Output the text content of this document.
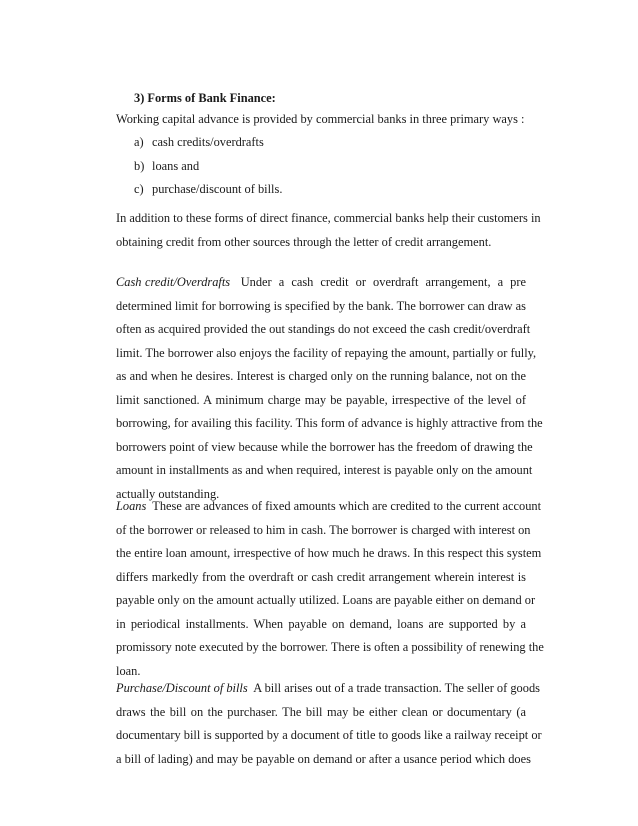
3) Forms of Bank Finance:
Working capital advance is provided by commercial banks in three primary ways :
a) cash credits/overdrafts
b) loans and
c) purchase/discount of bills.
In addition to these forms of direct finance, commercial banks help their customers in
obtaining credit from other sources through the letter of credit arrangement.
Cash credit/Overdrafts   Under  a  cash  credit  or  overdraft  arrangement,  a  pre
determined limit for borrowing is specified by the bank. The borrower can draw as
often as acquired provided the out standings do not exceed the cash credit/overdraft
limit. The borrower also enjoys the facility of repaying the amount, partially or fully,
as and when he desires. Interest is charged only on the running balance, not on the
limit sanctioned. A minimum charge may be payable, irrespective of the level of
borrowing, for availing this facility. This form of advance is highly attractive from the
borrowers point of view because while the borrower has the freedom of drawing the
amount in installments as and when required, interest is payable only on the amount
actually outstanding.
Loans  These are advances of fixed amounts which are credited to the current account
of the borrower or released to him in cash. The borrower is charged with interest on
the entire loan amount, irrespective of how much he draws. In this respect this system
differs markedly from the overdraft or cash credit arrangement wherein interest is
payable only on the amount actually utilized. Loans are payable either on demand or
in periodical installments. When payable on demand, loans are supported by a
promissory note executed by the borrower. There is often a possibility of renewing the
loan.
Purchase/Discount of bills  A bill arises out of a trade transaction. The seller of goods
draws the bill on the purchaser. The bill may be either clean or documentary (a
documentary bill is supported by a document of title to goods like a railway receipt or
a bill of lading) and may be payable on demand or after a usance period which does
